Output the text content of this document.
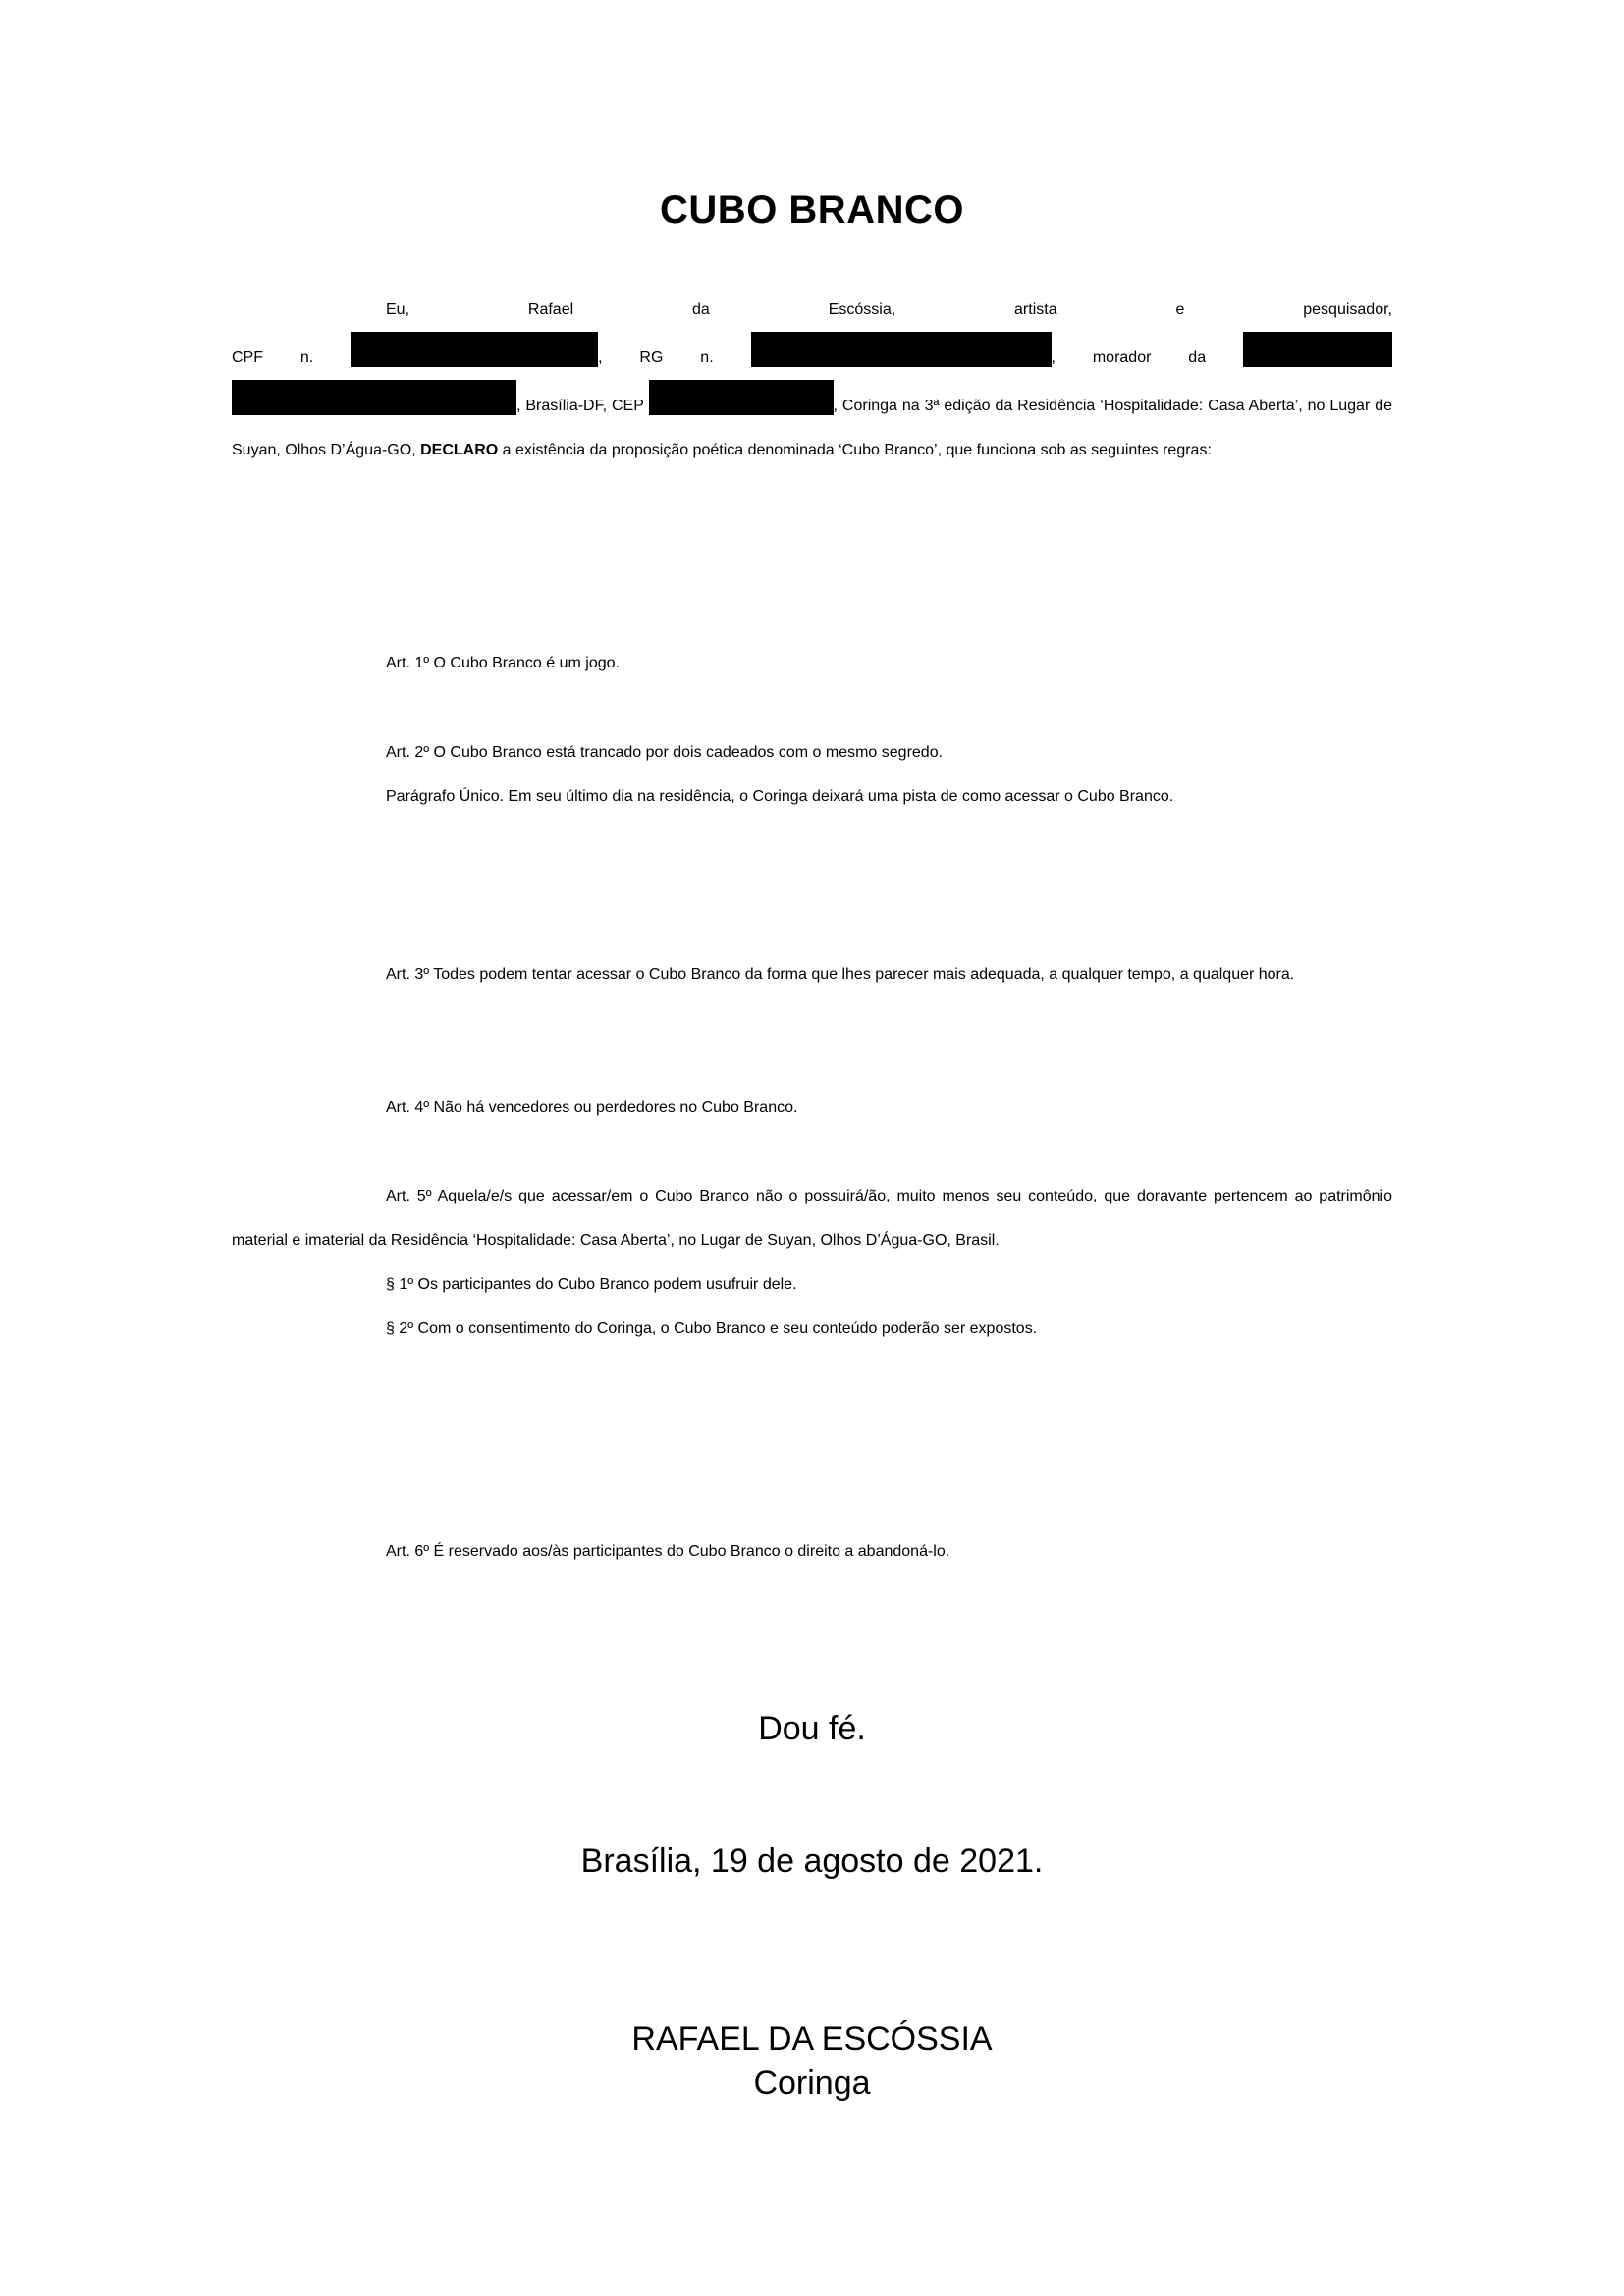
CUBO BRANCO

Eu,	Rafael da Escóssia, artista e pesquisador,

CPF n.	, RG n.	, morador da

, Brasília-DF, CEP	, Coringa na 3ª edição da Residência ‘Hospitalidade: Casa Aberta’, no Lugar de Suyan, Olhos D’Água-GO, DECLARO a existência da proposição poética denominada ‘Cubo Branco’, que funciona sob as seguintes regras:

Art. 1º O Cubo Branco é um jogo.

Art. 2º O Cubo Branco está trancado por dois cadeados com o mesmo segredo.

Parágrafo Único. Em seu último dia na residência, o Coringa deixará uma pista de como acessar o Cubo Branco.

Art. 3º Todes podem tentar acessar o Cubo Branco da forma que lhes parecer mais adequada, a qualquer tempo, a qualquer hora.

Art. 4º Não há vencedores ou perdedores no Cubo Branco.

Art. 5º Aquela/e/s que acessar/em o Cubo Branco não o possuirá/ão, muito menos seu conteúdo, que doravante pertencem ao patrimônio material e imaterial da Residência ‘Hospitalidade: Casa Aberta’, no Lugar de Suyan, Olhos D’Água-GO, Brasil.

§ 1º Os participantes do Cubo Branco podem usufruir dele.

§ 2º Com o consentimento do Coringa, o Cubo Branco e seu conteúdo poderão ser expostos.

Art. 6º É reservado aos/às participantes do Cubo Branco o direito a abandoná-lo.

Dou fé.
Brasília, 19 de agosto de 2021.
RAFAEL DA ESCÓSSIA
Coringa
